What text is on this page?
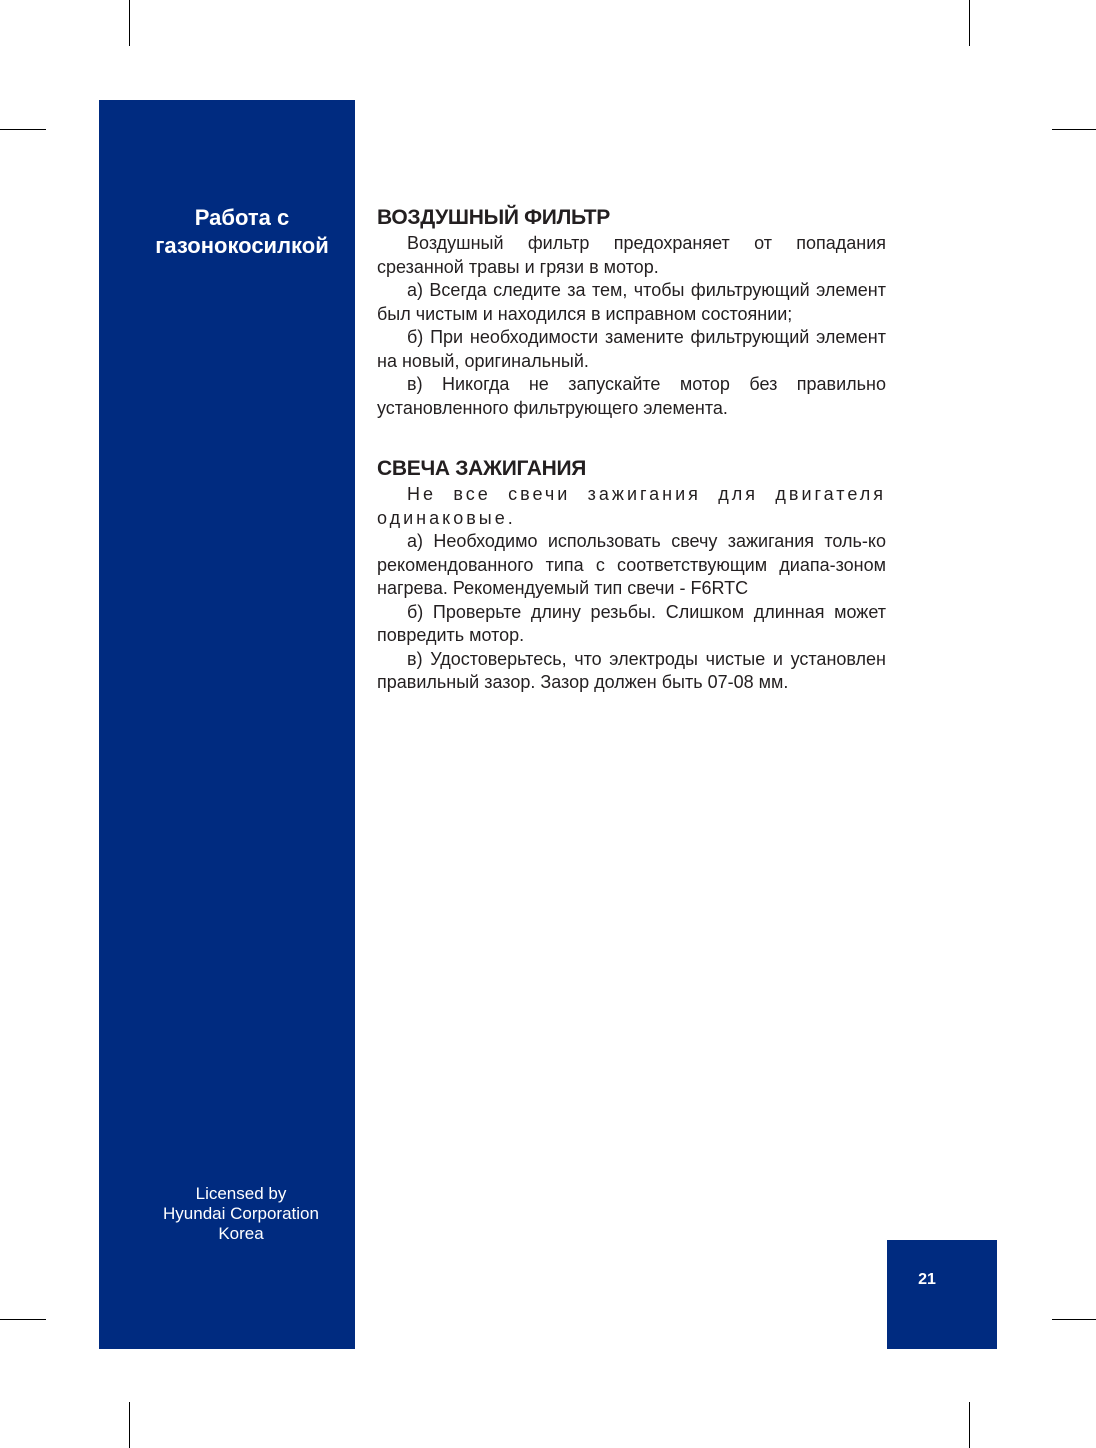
Работа с
газонокосилкой
Licensed by
Hyundai Corporation
Korea
ВОЗДУШНЫЙ ФИЛЬТР

Воздушный фильтр предохраняет от попадания срезанной травы и грязи в мотор.

а) Всегда следите за тем, чтобы фильтрующий элемент был чистым и находился в исправном состоянии;

б) При необходимости замените фильтрующий элемент на новый, оригинальный.

в) Никогда не запускайте мотор без правильно установленного фильтрующего элемента.

СВЕЧА ЗАЖИГАНИЯ

Не все свечи зажигания для двигателя одинаковые.

а) Необходимо использовать свечу зажигания толь-ко рекомендованного типа с соответствующим диапа-зоном нагрева. Рекомендуемый тип свечи - F6RTC

б) Проверьте длину резьбы. Слишком длинная может повредить мотор.

в) Удостоверьтесь, что электроды чистые и установлен правильный зазор. Зазор должен быть 07-08 мм.

21
